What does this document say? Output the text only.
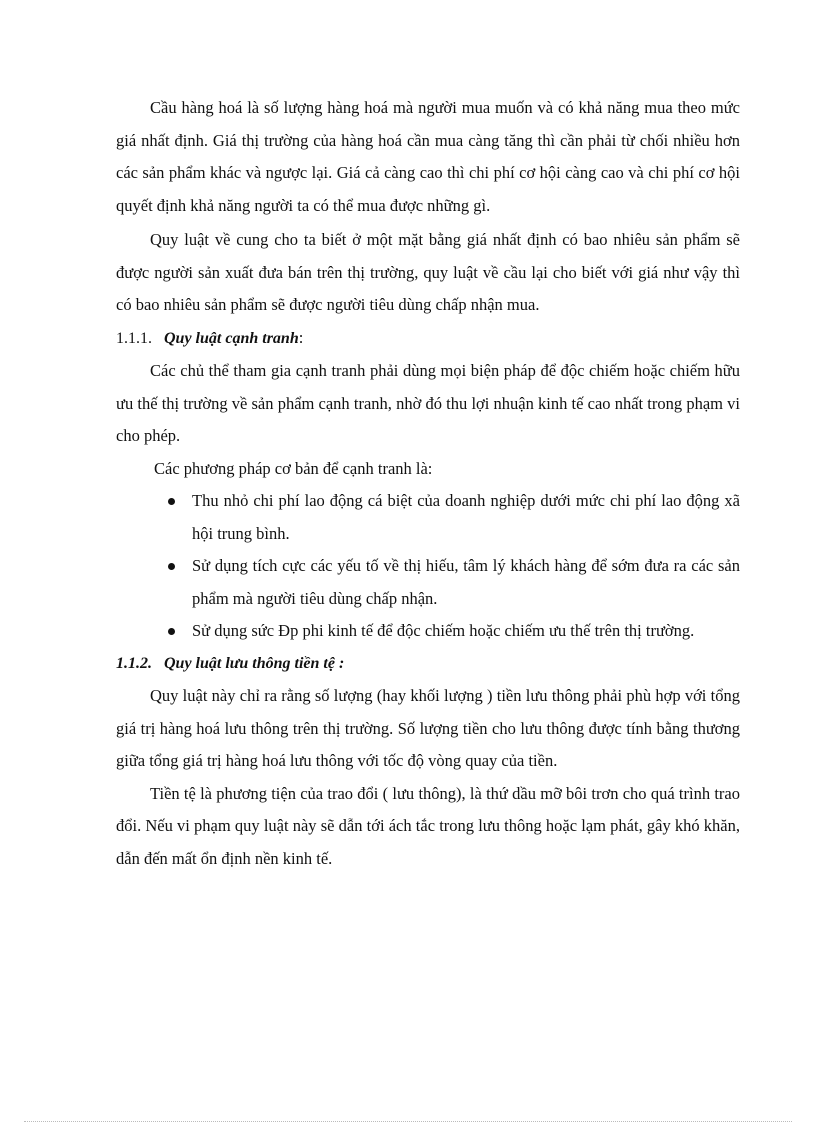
Cầu hàng hoá là số lượng hàng hoá mà người mua muốn và có khả năng mua theo mức giá nhất định. Giá thị trường của hàng hoá cần mua càng tăng thì cần phải từ chối nhiều hơn các sản phẩm khác và ngược lại. Giá cả càng cao thì chi phí cơ hội càng cao và chi phí cơ hội quyết định khả năng người ta có thể mua được những gì.

Quy luật về cung cho ta biết ở một mặt bằng giá nhất định có bao nhiêu sản phẩm sẽ được người sản xuất đưa bán trên thị trường, quy luật về cầu lại cho biết với giá như vậy thì có bao nhiêu sản phẩm sẽ được người tiêu dùng chấp nhận mua.

1.1.1. Quy luật cạnh tranh :

Các chủ thể tham gia cạnh tranh phải dùng mọi biện pháp để độc chiếm hoặc chiếm hữu ưu thế thị trường về sản phẩm cạnh tranh, nhờ đó thu lợi nhuận kinh tế cao nhất trong phạm vi cho phép.

Các phương pháp cơ bản để cạnh tranh là:

Thu nhỏ chi phí lao động cá biệt của doanh nghiệp dưới mức chi phí lao động xã hội trung bình.
Sử dụng tích cực các yếu tố về thị hiếu, tâm lý khách hàng để sớm đưa ra các sản phẩm mà người tiêu dùng chấp nhận.
Sử dụng sức Đp phi kinh tế để độc chiếm hoặc chiếm ưu thế trên thị trường.
1.1.2. Quy luật lưu thông tiền tệ :

Quy luật này chỉ ra rằng số lượng (hay khối lượng ) tiền lưu thông phải phù hợp với tổng giá trị hàng hoá lưu thông trên thị trường. Số lượng tiền cho lưu thông được tính bằng thương giữa tổng giá trị hàng hoá lưu thông với tốc độ vòng quay của tiền.

Tiền tệ là phương tiện của trao đổi ( lưu thông), là thứ dầu mỡ bôi trơn cho quá trình trao đổi. Nếu vi phạm quy luật này sẽ dẫn tới ách tắc trong lưu thông hoặc lạm phát, gây khó khăn, dẫn đến mất ổn định nền kinh tế.
